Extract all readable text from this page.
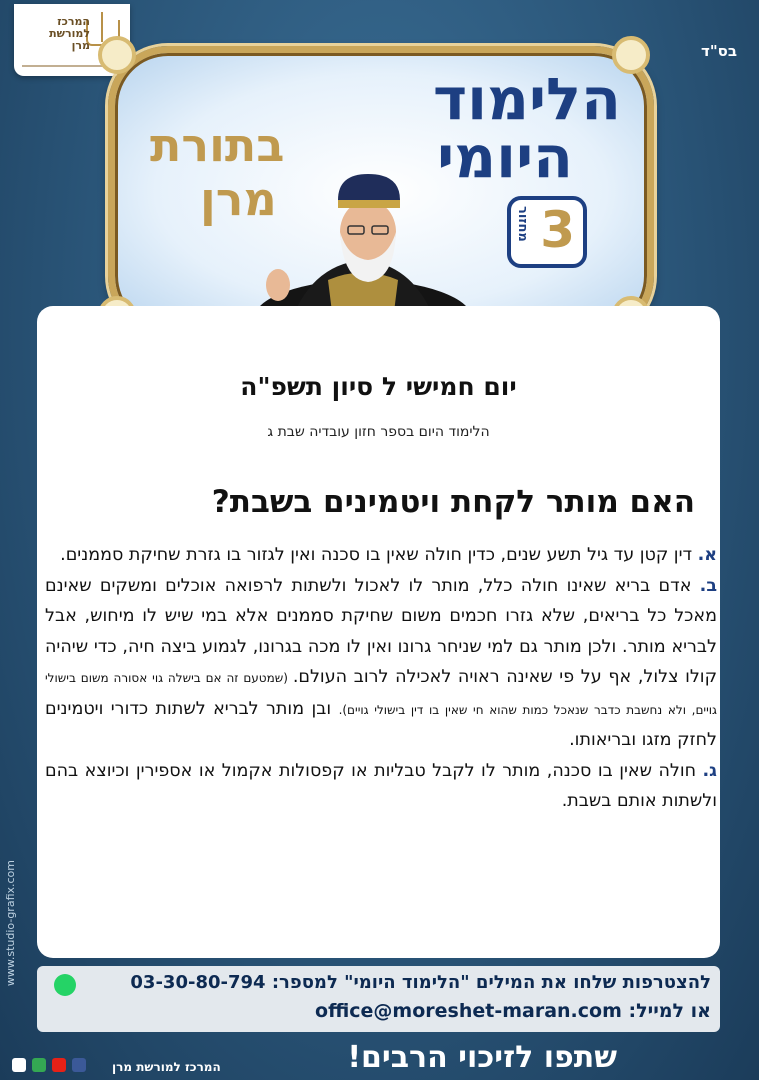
בס"ד
המרכז
למורשת
מרן
הלימוד
היומי
בתורת
מרן
3
מחזור
יום חמישי ל סיון תשפ"ה
הלימוד היום בספר חזון עובדיה שבת ג
האם מותר לקחת ויטמינים בשבת?

א. דין קטן עד גיל תשע שנים, כדין חולה שאין בו סכנה ואין לגזור בו גזרת שחיקת סממנים.

ב. אדם בריא שאינו חולה כלל, מותר לו לאכול ולשתות לרפואה אוכלים ומשקים שאינם מאכל כל בריאים, שלא גזרו חכמים משום שחיקת סממנים אלא במי שיש לו מיחוש, אבל לבריא מותר. ולכן מותר גם למי שניחר גרונו ואין לו מכה בגרונו, לגמוע ביצה חיה, כדי שיהיה קולו צלול, אף על פי שאינה ראויה לאכילה לרוב העולם. (שמטעם זה אם בישלה גוי אסורה משום בישולי גויים, ולא נחשבת כדבר שנאכל כמות שהוא חי שאין בו דין בישולי גויים). ובן מותר לבריא לשתות כדורי ויטמינים לחזק מזגו ובריאותו.

ג. חולה שאין בו סכנה, מותר לו לקבל טבליות או קפסולות אקמול או אספירין וכיוצא בהם ולשתות אותם בשבת.

www.studio-grafix.com	להצטרפות שלחו את המילים "הלימוד היומי" למספר: 03-30-80-794
או למייל: office@moreshet-maran.com
שתפו לזיכוי הרבים!
המרכז למורשת מרן
